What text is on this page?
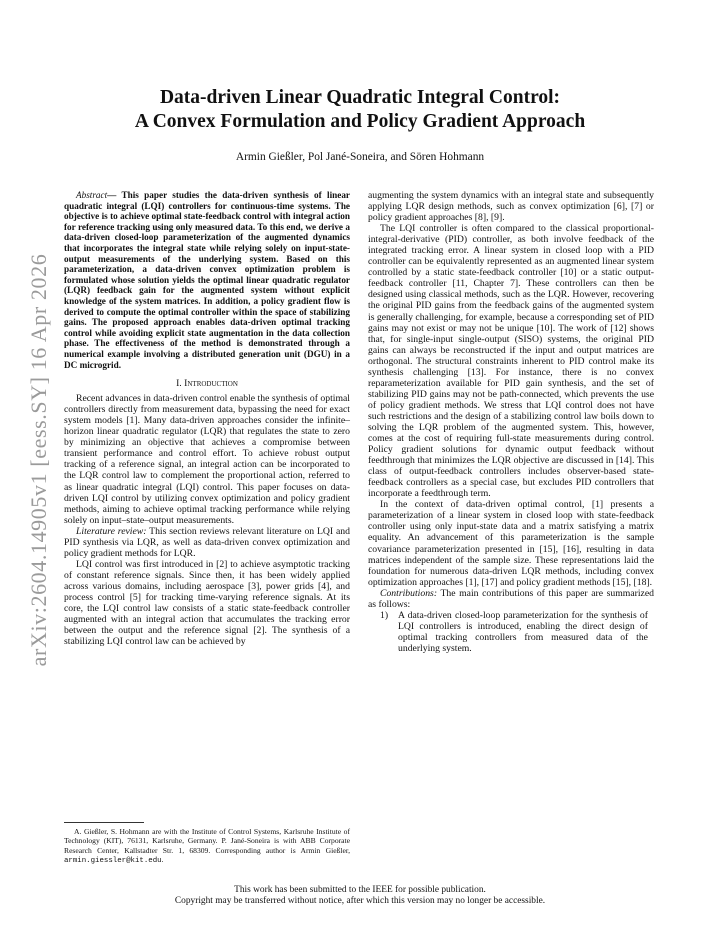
arXiv:2604.14905v1 [eess.SY] 16 Apr 2026
Data-driven Linear Quadratic Integral Control:
A Convex Formulation and Policy Gradient Approach
Armin Gießler, Pol Jané-Soneira, and Sören Hohmann

Abstract— This paper studies the data-driven synthesis of linear quadratic integral (LQI) controllers for continuous-time systems. The objective is to achieve optimal state-feedback control with integral action for reference tracking using only measured data. To this end, we derive a data-driven closed-loop parameterization of the augmented dynamics that incorporates the integral state while relying solely on input-state-output measurements of the underlying system. Based on this parameterization, a data-driven convex optimization problem is formulated whose solution yields the optimal linear quadratic regulator (LQR) feedback gain for the augmented system without explicit knowledge of the system matrices. In addition, a policy gradient flow is derived to compute the optimal controller within the space of stabilizing gains. The proposed approach enables data-driven optimal tracking control while avoiding explicit state augmentation in the data collection phase. The effectiveness of the method is demonstrated through a numerical example involving a distributed generation unit (DGU) in a DC microgrid.

I. Introduction

Recent advances in data-driven control enable the synthesis of optimal controllers directly from measurement data, bypassing the need for exact system models [1]. Many data-driven approaches consider the infinite–horizon linear quadratic regulator (LQR) that regulates the state to zero by minimizing an objective that achieves a compromise between transient performance and control effort. To achieve robust output tracking of a reference signal, an integral action can be incorporated to the LQR control law to complement the proportional action, referred to as linear quadratic integral (LQI) control. This paper focuses on data-driven LQI control by utilizing convex optimization and policy gradient methods, aiming to achieve optimal tracking performance while relying solely on input–state–output measurements.

Literature review: This section reviews relevant literature on LQI and PID synthesis via LQR, as well as data-driven convex optimization and policy gradient methods for LQR.

LQI control was first introduced in [2] to achieve asymptotic tracking of constant reference signals. Since then, it has been widely applied across various domains, including aerospace [3], power grids [4], and process control [5] for tracking time-varying reference signals. At its core, the LQI control law consists of a static state-feedback controller augmented with an integral action that accumulates the tracking error between the output and the reference signal [2]. The synthesis of a stabilizing LQI control law can be achieved by

A. Gießler, S. Hohmann are with the Institute of Control Systems, Karlsruhe Institute of Technology (KIT), 76131, Karlsruhe, Germany. P. Jané-Soneira is with ABB Corporate Research Center, Kallstadter Str. 1, 68309. Corresponding author is Armin Gießler, armin.giessler@kit.edu.

augmenting the system dynamics with an integral state and subsequently applying LQR design methods, such as convex optimization [6], [7] or policy gradient approaches [8], [9].

The LQI controller is often compared to the classical proportional-integral-derivative (PID) controller, as both involve feedback of the integrated tracking error. A linear system in closed loop with a PID controller can be equivalently represented as an augmented linear system controlled by a static state-feedback controller [10] or a static output-feedback controller [11, Chapter 7]. These controllers can then be designed using classical methods, such as the LQR. However, recovering the original PID gains from the feedback gains of the augmented system is generally challenging, for example, because a corresponding set of PID gains may not exist or may not be unique [10]. The work of [12] shows that, for single-input single-output (SISO) systems, the original PID gains can always be reconstructed if the input and output matrices are orthogonal. The structural constraints inherent to PID control make its synthesis challenging [13]. For instance, there is no convex reparameterization available for PID gain synthesis, and the set of stabilizing PID gains may not be path-connected, which prevents the use of policy gradient methods. We stress that LQI control does not have such restrictions and the design of a stabilizing control law boils down to solving the LQR problem of the augmented system. This, however, comes at the cost of requiring full-state measurements during control. Policy gradient solutions for dynamic output feedback without feedthrough that minimizes the LQR objective are discussed in [14]. This class of output-feedback controllers includes observer-based state-feedback controllers as a special case, but excludes PID controllers that incorporate a feedthrough term.

In the context of data-driven optimal control, [1] presents a parameterization of a linear system in closed loop with state-feedback controller using only input-state data and a matrix satisfying a matrix equality. An advancement of this parameterization is the sample covariance parameterization presented in [15], [16], resulting in data matrices independent of the sample size. These representations laid the foundation for numerous data-driven LQR methods, including convex optimization approaches [1], [17] and policy gradient methods [15], [18].

Contributions: The main contributions of this paper are summarized as follows:

1) A data-driven closed-loop parameterization for the synthesis of LQI controllers is introduced, enabling the direct design of optimal tracking controllers from measured data of the underlying system.
This work has been submitted to the IEEE for possible publication.
Copyright may be transferred without notice, after which this version may no longer be accessible.
